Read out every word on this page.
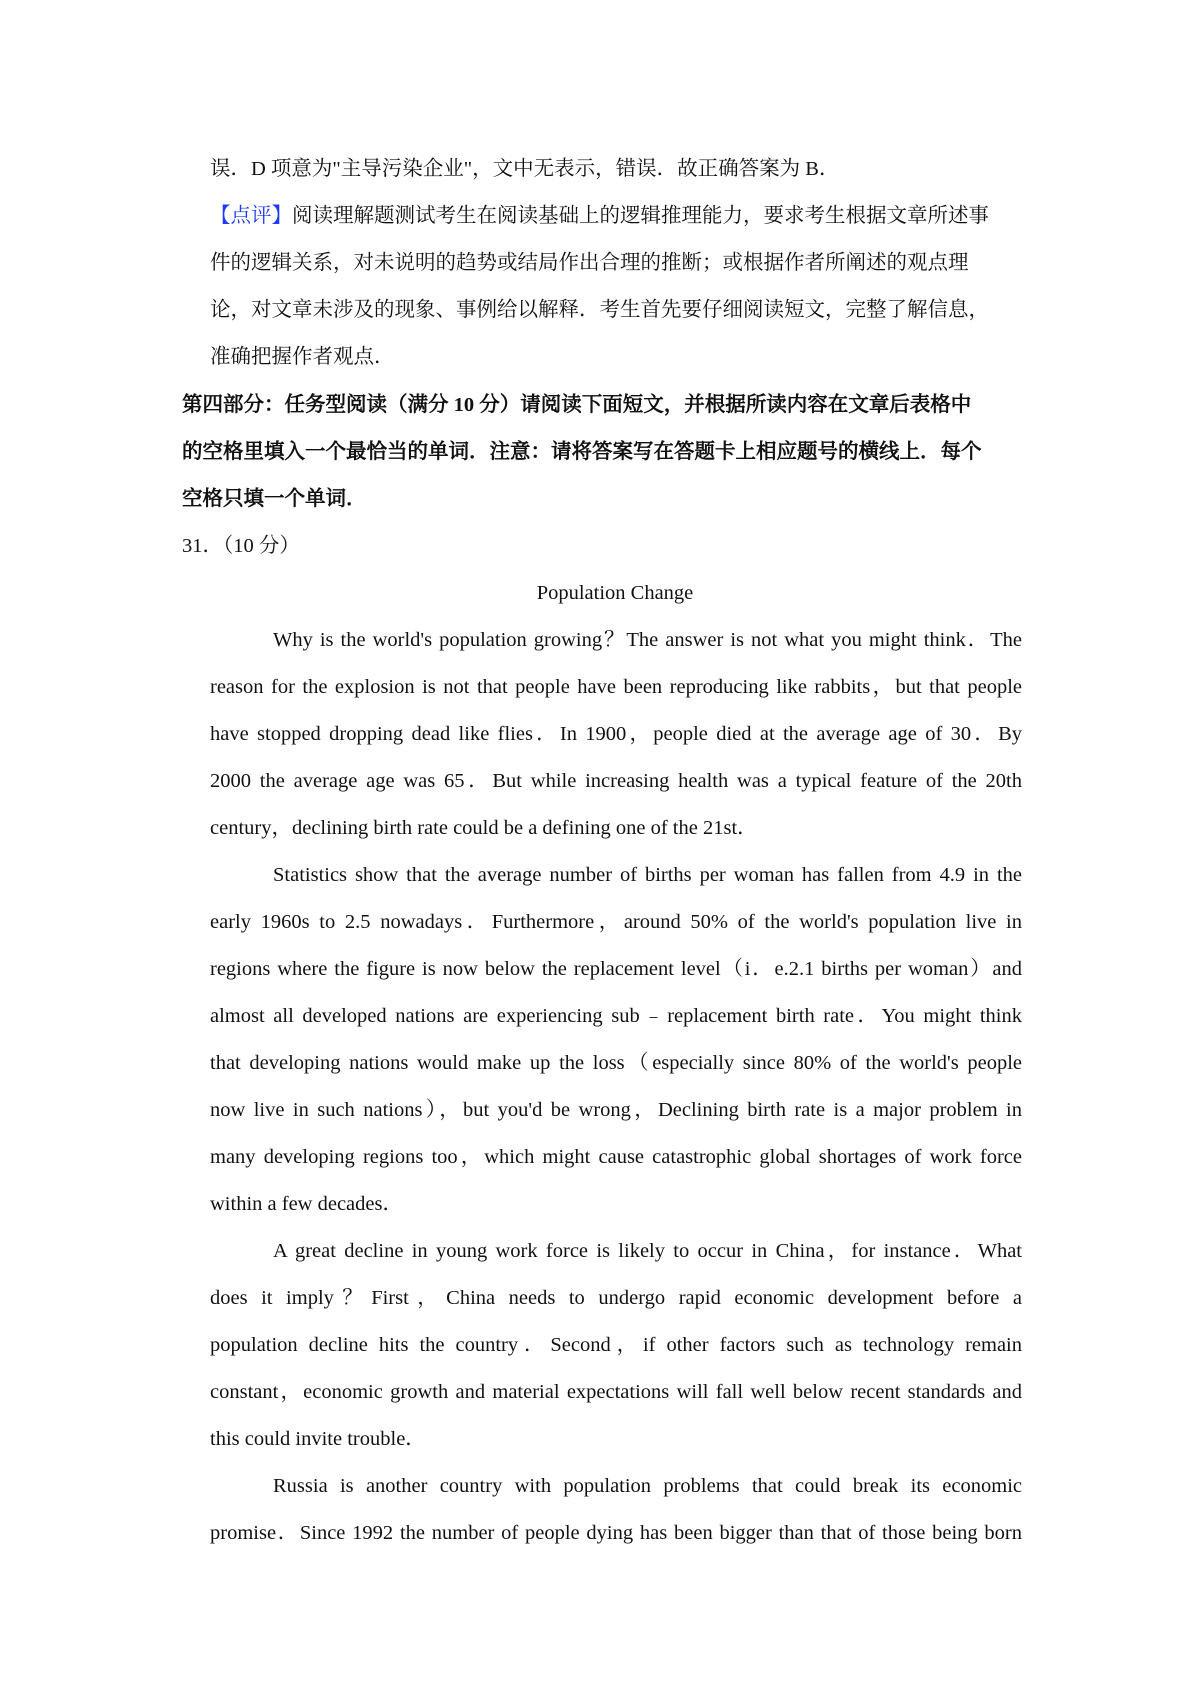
误．D 项意为"主导污染企业"，文中无表示，错误．故正确答案为 B．
【点评】阅读理解题测试考生在阅读基础上的逻辑推理能力，要求考生根据文章所述事
件的逻辑关系，对未说明的趋势或结局作出合理的推断；或根据作者所阐述的观点理
论，对文章未涉及的现象、事例给以解释．考生首先要仔细阅读短文，完整了解信息，
准确把握作者观点．
第四部分：任务型阅读（满分 10 分）请阅读下面短文，并根据所读内容在文章后表格中
的空格里填入一个最恰当的单词．注意：请将答案写在答题卡上相应题号的横线上．每个
空格只填一个单词．
31．（10 分）
Population Change
Why is the world's population growing？The answer is not what you might think．The
reason for the explosion is not that people have been reproducing like rabbits，but that people
have stopped dropping dead like flies．In 1900，people died at the average age of 30．By
2000 the average age was 65．But while increasing health was a typical feature of the 20th
century，declining birth rate could be a defining one of the 21st．
Statistics show that the average number of births per woman has fallen from 4.9 in the
early 1960s to 2.5 nowadays．Furthermore，around 50% of the world's population live in
regions where the figure is now below the replacement level（i．e.2.1 births per woman）and
almost all developed nations are experiencing sub﹣replacement birth rate．You might think
that developing nations would make up the loss（especially since 80% of the world's people
now live in such nations），but you'd be wrong，Declining birth rate is a major problem in
many developing regions too，which might cause catastrophic global shortages of work force
within a few decades．
A great decline in young work force is likely to occur in China，for instance．What
does it imply？First，China needs to undergo rapid economic development before a
population decline hits the country．Second，if other factors such as technology remain
constant，economic growth and material expectations will fall well below recent standards and
this could invite trouble．
Russia is another country with population problems that could break its economic
promise．Since 1992 the number of people dying has been bigger than that of those being born
